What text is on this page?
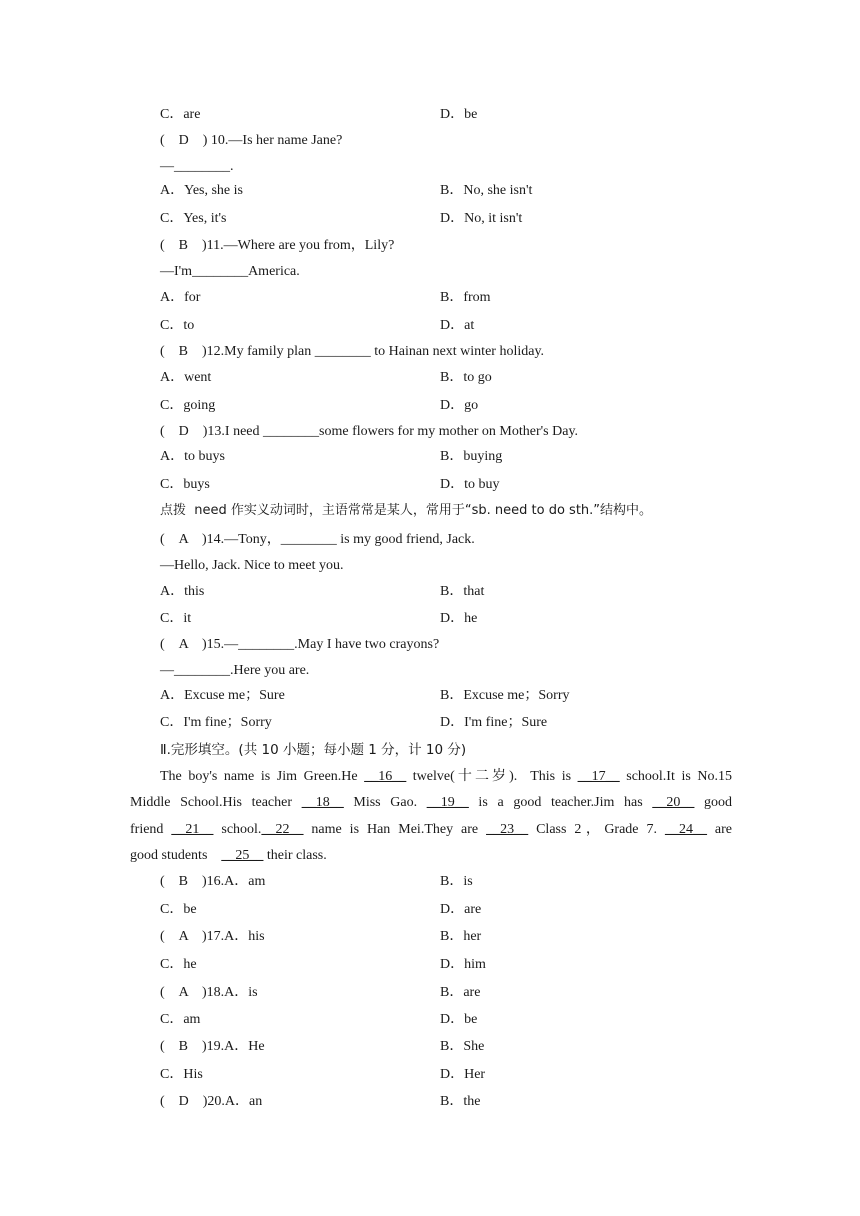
C．are	D．be
(　D　) 10.—Is her name Jane?
—________.
A．Yes, she is	B．No, she isn't
C．Yes, it's	D．No, it isn't
(　B　)11.—Where are you from，Lily?
—I'm________America.
A．for	B．from
C．to	D．at
(　B　)12.My family plan ________ to Hainan next winter holiday.
A．went	B．to go
C．going	D．go
(　D　)13.I need ________some flowers for my mother on Mother's Day.
A．to buys	B．buying
C．buys	D．to buy
点拨  need 作实义动词时，主语常常是某人，常用于“sb. need to do sth.”结构中。
(　A　)14.—Tony，________ is my good friend, Jack.
—Hello, Jack. Nice to meet you.
A．this	B．that
C．it	D．he
(　A　)15.—________.May I have two crayons?
—________.Here you are.
A．Excuse me；Sure	B．Excuse me；Sorry
C．I'm fine；Sorry	D．I'm fine；Sure
Ⅱ.完形填空。(共 10 小题；每小题 1 分，计 10 分)
The boy's name is Jim Green.He __16__ twelve(十二岁).  This is __17__ school.It is No.15
Middle School.His teacher __18__ Miss Gao. __19__ is a good teacher.Jim has __20__ good
friend __21__ school.__22__ name is Han Mei.They are __23__ Class 2，Grade 7. __24__ are
good students    __25__ their class.
(　B　)16.A．am	B．is
C．be	D．are
(　A　)17.A．his	B．her
C．he	D．him
(　A　)18.A．is	B．are
C．am	D．be
(　B　)19.A．He	B．She
C．His	D．Her
(　D　)20.A．an	B．the
